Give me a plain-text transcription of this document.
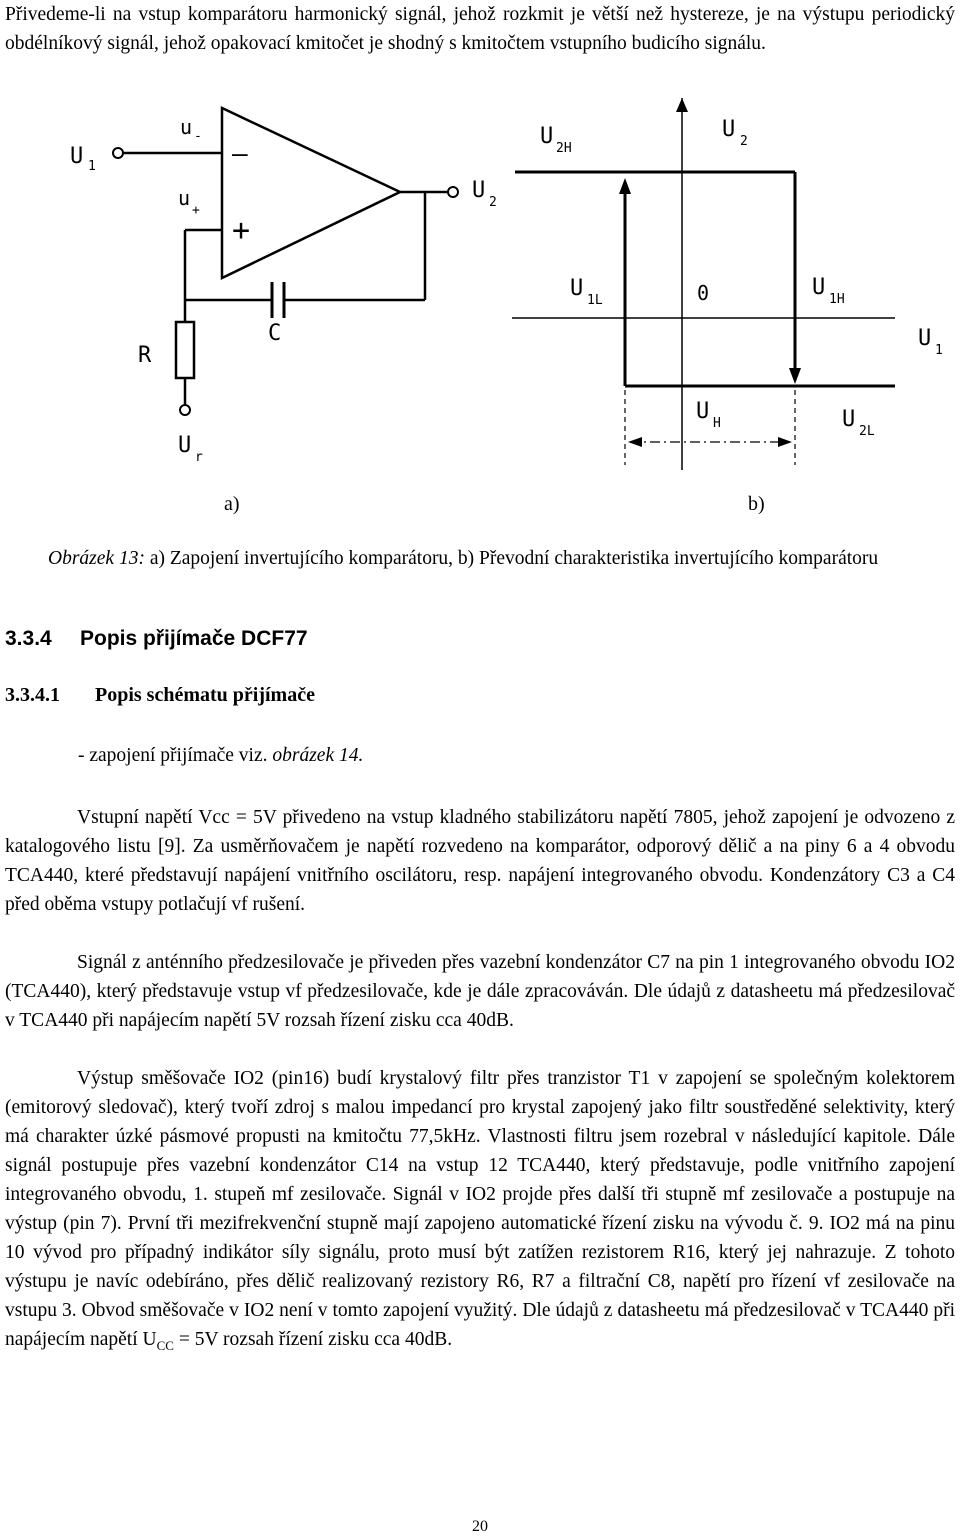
Přivedeme-li na vstup komparátoru harmonický signál, jehož rozkmit je větší než hystereze, je na výstupu periodický obdélníkový signál, jehož opakovací kmitočet je shodný s kmitočtem vstupního budicího signálu.

—
+
U 1
u -
u
+
U 2
R
C
U r
U 2H
U 2
U 1L	0	U 1H
U 1
U H	U 2L
a)	b)

Obrázek 13: a) Zapojení invertujícího komparátoru, b) Převodní charakteristika invertujícího komparátoru

3.3.4 Popis přijímače DCF77
3.3.4.1 Popis schématu přijímače

- zapojení přijímače viz. obrázek 14.

Vstupní napětí Vcc = 5V přivedeno na vstup kladného stabilizátoru napětí 7805, jehož zapojení je odvozeno z katalogového listu [9]. Za usměrňovačem je napětí rozvedeno na komparátor, odporový dělič a na piny 6 a 4 obvodu TCA440, které představují napájení vnitřního oscilátoru, resp. napájení integrovaného obvodu. Kondenzátory C3 a C4 před oběma vstupy potlačují vf rušení.

Signál z anténního předzesilovače je přiveden přes vazební kondenzátor C7 na pin 1 integrovaného obvodu IO2 (TCA440), který představuje vstup vf předzesilovače, kde je dále zpracováván. Dle údajů z datasheetu má předzesilovač v TCA440 při napájecím napětí 5V rozsah řízení zisku cca 40dB.

Výstup směšovače IO2 (pin16) budí krystalový filtr přes tranzistor T1 v zapojení se společným kolektorem (emitorový sledovač), který tvoří zdroj s malou impedancí pro krystal zapojený jako filtr soustředěné selektivity, který má charakter úzké pásmové propusti na kmitočtu 77,5kHz. Vlastnosti filtru jsem rozebral v následující kapitole. Dále signál postupuje přes vazební kondenzátor C14 na vstup 12 TCA440, který představuje, podle vnitřního zapojení integrovaného obvodu, 1. stupeň mf zesilovače. Signál v IO2 projde přes další tři stupně mf zesilovače a postupuje na výstup (pin 7). První tři mezifrekvenční stupně mají zapojeno automatické řízení zisku na vývodu č. 9. IO2 má na pinu 10 vývod pro případný indikátor síly signálu, proto musí být zatížen rezistorem R16, který jej nahrazuje. Z tohoto výstupu je navíc odebíráno, přes dělič realizovaný rezistory R6, R7 a filtrační C8, napětí pro řízení vf zesilovače na vstupu 3. Obvod směšovače v IO2 není v tomto zapojení využitý. Dle údajů z datasheetu má předzesilovač v TCA440 při napájecím napětí $U_{CC} = 5V$ rozsah řízení zisku cca 40dB.

20
